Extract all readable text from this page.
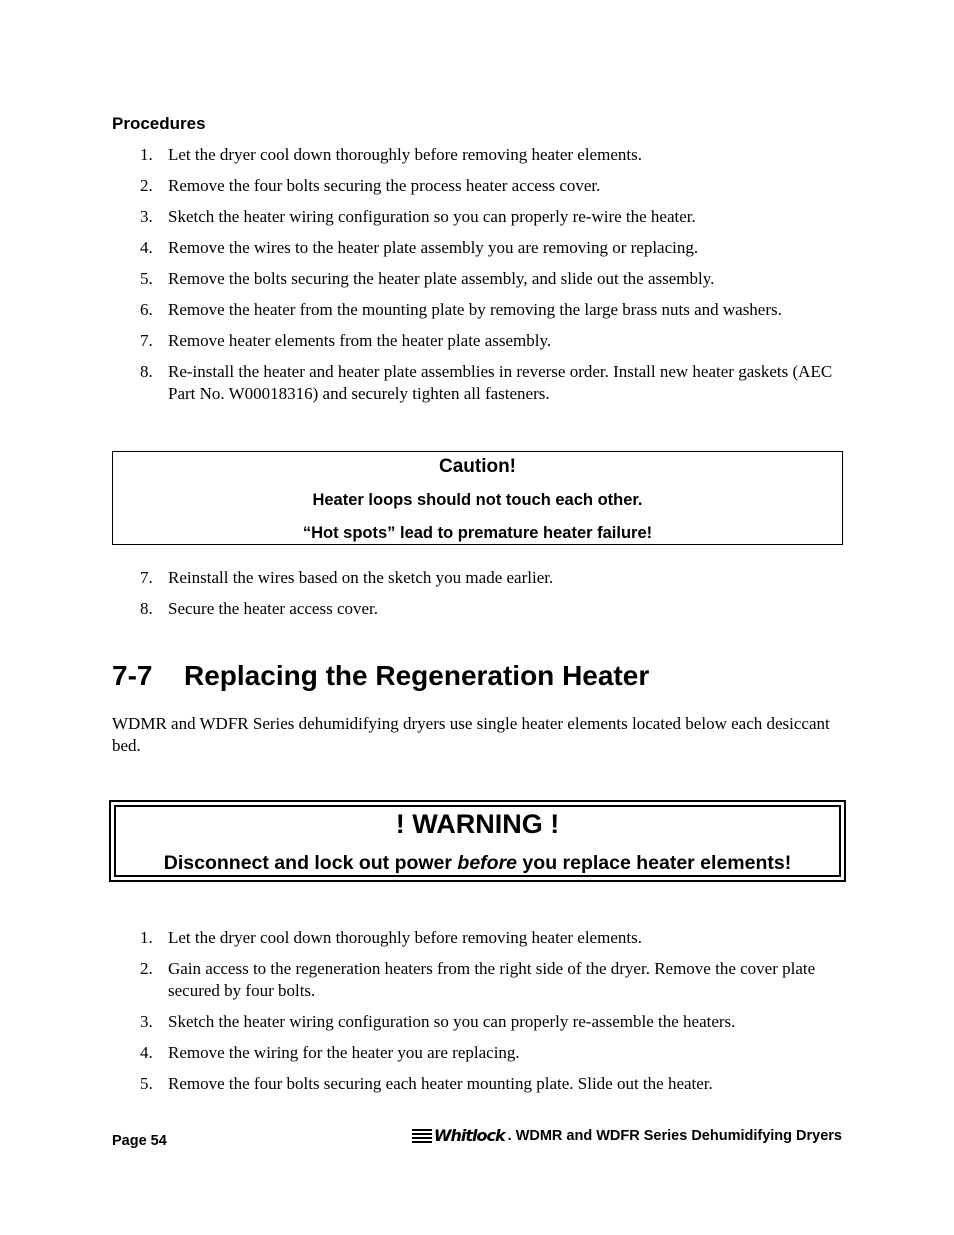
Procedures
1. Let the dryer cool down thoroughly before removing heater elements.
2. Remove the four bolts securing the process heater access cover.
3. Sketch the heater wiring configuration so you can properly re-wire the heater.
4. Remove the wires to the heater plate assembly you are removing or replacing.
5. Remove the bolts securing the heater plate assembly, and slide out the assembly.
6. Remove the heater from the mounting plate by removing the large brass nuts and washers.
7. Remove heater elements from the heater plate assembly.
8. Re-install the heater and heater plate assemblies in reverse order. Install new heater gaskets (AEC Part No. W00018316) and securely tighten all fasteners.
Caution!
Heater loops should not touch each other.
“Hot spots” lead to premature heater failure!
7. Reinstall the wires based on the sketch you made earlier.
8. Secure the heater access cover.
7-7 Replacing the Regeneration Heater

WDMR and WDFR Series dehumidifying dryers use single heater elements located below each desiccant bed.

! WARNING !
Disconnect and lock out power before you replace heater elements!
1. Let the dryer cool down thoroughly before removing heater elements.
2. Gain access to the regeneration heaters from the right side of the dryer. Remove the cover plate secured by four bolts.
3. Sketch the heater wiring configuration so you can properly re-assemble the heaters.
4. Remove the wiring for the heater you are replacing.
5. Remove the four bolts securing each heater mounting plate. Slide out the heater.
Page 54	Whitlock . WDMR and WDFR Series Dehumidifying Dryers
